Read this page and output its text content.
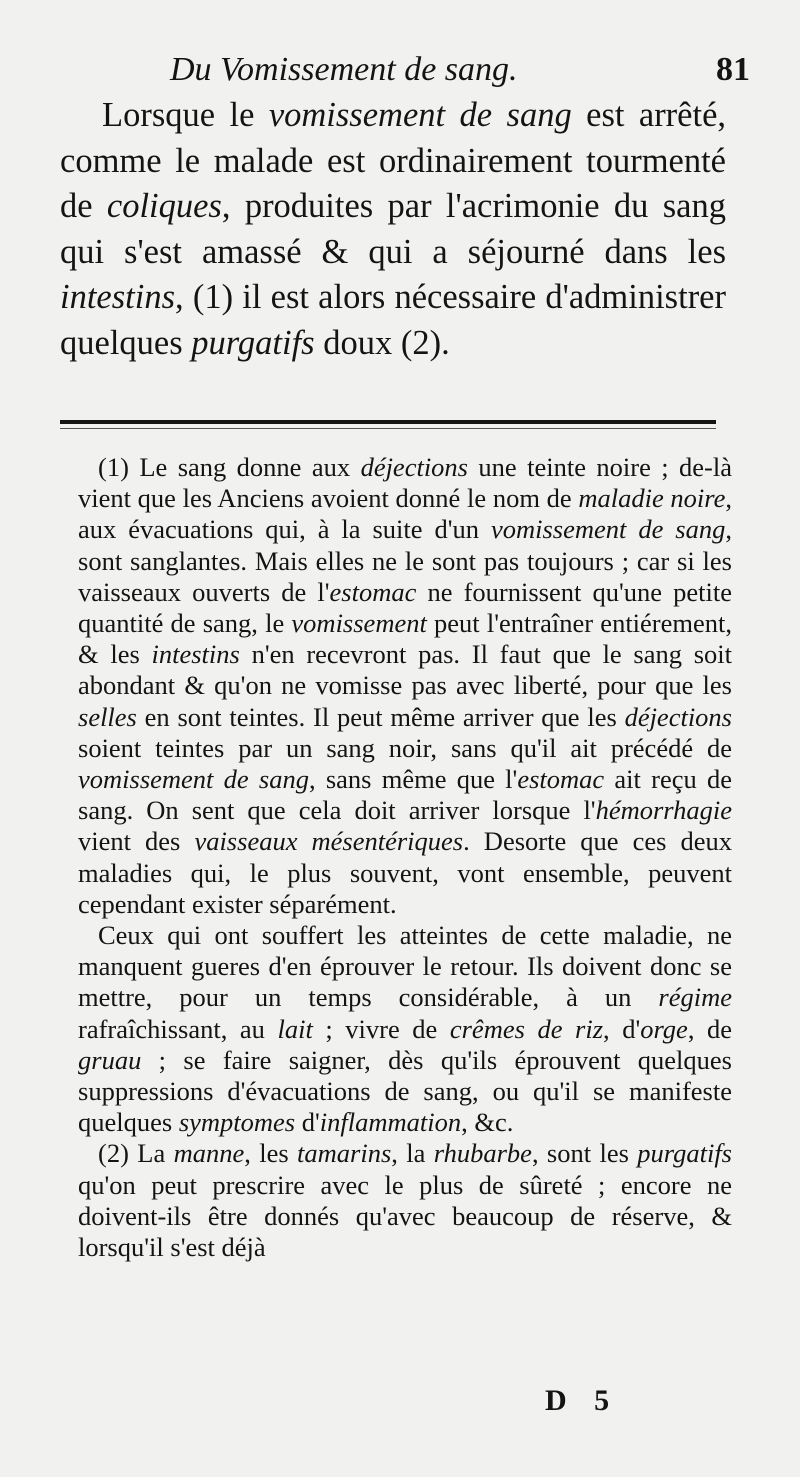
Du Vomissement de sang.	81

Lorsque le vomissement de sang est arrêté, comme le malade est ordinairement tourmenté de coliques, produites par l'acrimonie du sang qui s'est amassé & qui a séjourné dans les intestins, (1) il est alors nécessaire d'administrer quelques purgatifs doux (2).

(1) Le sang donne aux déjections une teinte noire ; de-là vient que les Anciens avoient donné le nom de maladie noire, aux évacuations qui, à la suite d'un vomissement de sang, sont sanglantes. Mais elles ne le sont pas toujours ; car si les vaisseaux ouverts de l'estomac ne fournissent qu'une petite quantité de sang, le vomissement peut l'entraîner entiérement, & les intestins n'en recevront pas. Il faut que le sang soit abondant & qu'on ne vomisse pas avec liberté, pour que les selles en sont teintes. Il peut même arriver que les déjections soient teintes par un sang noir, sans qu'il ait précédé de vomissement de sang, sans même que l'estomac ait reçu de sang. On sent que cela doit arriver lorsque l'hémorrhagie vient des vaisseaux mésentériques. Desorte que ces deux maladies qui, le plus souvent, vont ensemble, peuvent cependant exister séparément.

Ceux qui ont souffert les atteintes de cette maladie, ne manquent gueres d'en éprouver le retour. Ils doivent donc se mettre, pour un temps considérable, à un régime rafraîchissant, au lait ; vivre de crêmes de riz, d'orge, de gruau ; se faire saigner, dès qu'ils éprouvent quelques suppressions d'évacuations de sang, ou qu'il se manifeste quelques symptomes d'inflammation, &c.

(2) La manne, les tamarins, la rhubarbe, sont les purgatifs qu'on peut prescrire avec le plus de sûreté ; encore ne doivent-ils être donnés qu'avec beaucoup de réserve, & lorsqu'il s'est déjà

D 5
